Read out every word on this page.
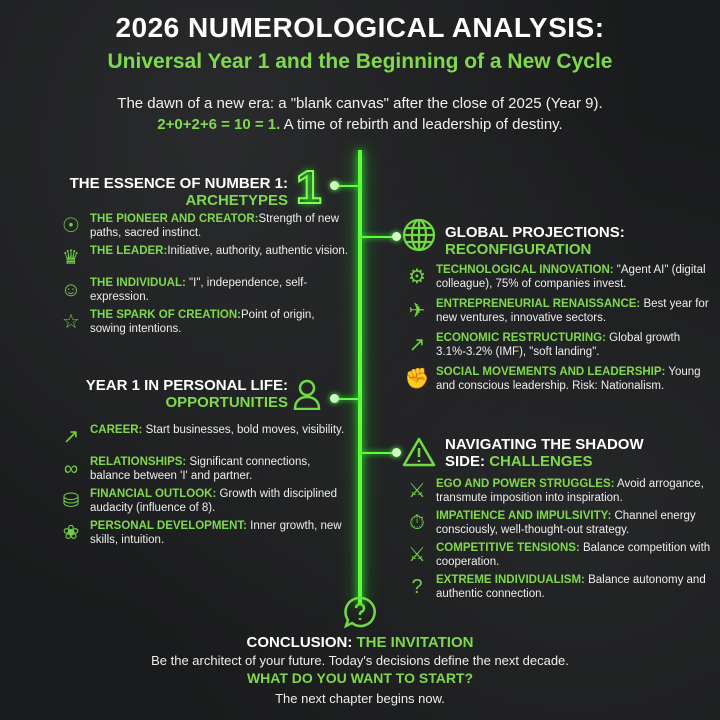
2026 NUMEROLOGICAL ANALYSIS:
Universal Year 1 and the Beginning of a New Cycle
The dawn of a new era: a "blank canvas" after the close of 2025 (Year 9).
2+0+2+6 = 10 = 1. A time of rebirth and leadership of destiny.
THE ESSENCE OF NUMBER 1:
ARCHETYPES 1
☉ THE PIONEER AND CREATOR:Strength of new paths, sacred instinct.
♛ THE LEADER:Initiative, authority, authentic vision.
☺ THE INDIVIDUAL: "I", independence, self-expression.
☆ THE SPARK OF CREATION:Point of origin, sowing intentions.
YEAR 1 IN PERSONAL LIFE:
OPPORTUNITIES
↗ CAREER: Start businesses, bold moves, visibility.
∞	RELATIONSHIPS: Significant connections, balance between 'I' and partner.
⛁ FINANCIAL OUTLOOK: Growth with disciplined audacity (influence of 8).
❀ PERSONAL DEVELOPMENT: Inner growth, new skills, intuition.
GLOBAL PROJECTIONS:
RECONFIGURATION
⚙ TECHNOLOGICAL INNOVATION: "Agent AI" (digital colleague), 75% of companies invest.
✈ ENTREPRENEURIAL RENAISSANCE: Best year for new ventures, innovative sectors.
↗ ECONOMIC RESTRUCTURING: Global growth 3.1%-3.2% (IMF), "soft landing".
✊ SOCIAL MOVEMENTS AND LEADERSHIP: Young and conscious leadership. Risk: Nationalism.
NAVIGATING THE SHADOW
SIDE: CHALLENGES
⚔ EGO AND POWER STRUGGLES: Avoid arrogance, transmute imposition into inspiration.
⏱ IMPATIENCE AND IMPULSIVITY: Channel energy consciously, well-thought-out strategy.
⚔ COMPETITIVE TENSIONS: Balance competition with cooperation.
?	EXTREME INDIVIDUALISM: Balance autonomy and authentic connection.
CONCLUSION: THE INVITATION
Be the architect of your future. Today's decisions define the next decade.
WHAT DO YOU WANT TO START?
The next chapter begins now.
